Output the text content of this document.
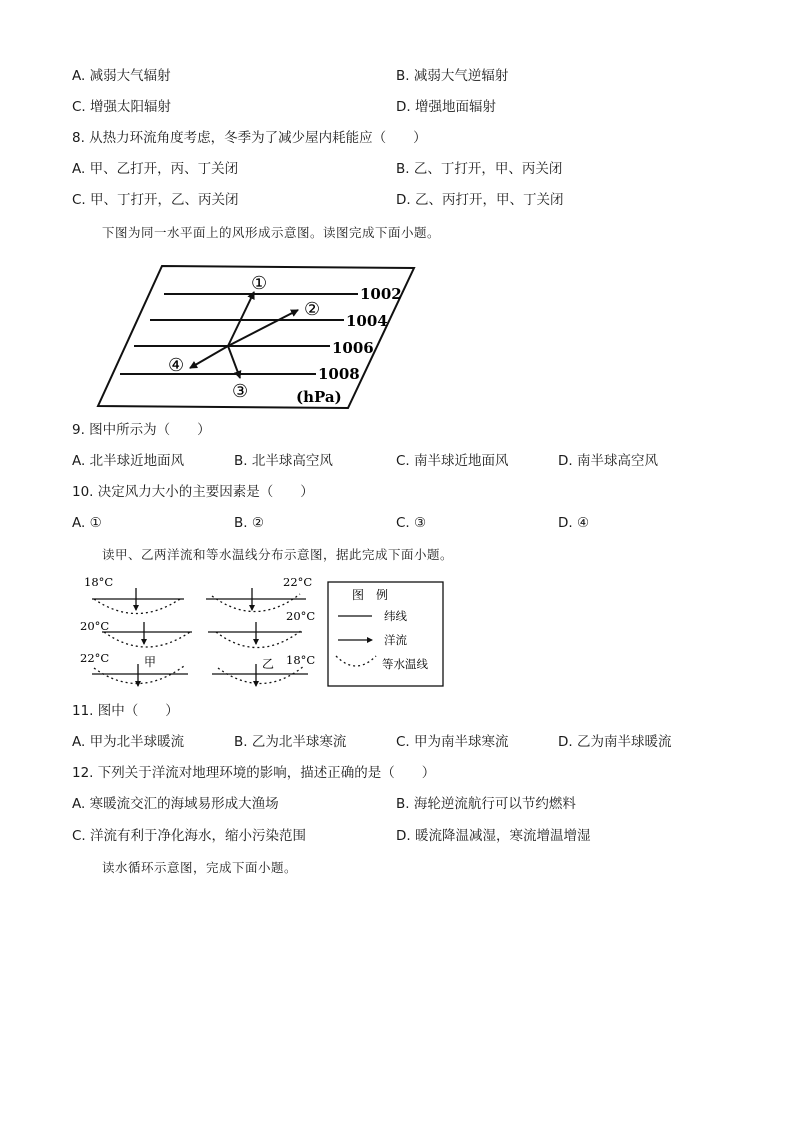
A. 减弱大气辐射	B. 减弱大气逆辐射
C. 增强太阳辐射	D. 增强地面辐射
8. 从热力环流角度考虑，冬季为了减少屋内耗能应（　　）
A. 甲、乙打开，丙、丁关闭	B. 乙、丁打开，甲、丙关闭
C. 甲、丁打开，乙、丙关闭	D. 乙、丙打开，甲、丁关闭
下图为同一水平面上的风形成示意图。读图完成下面小题。
1002
1004
1006
1008
(hPa)
①
②
③
④
9. 图中所示为（　　）
A. 北半球近地面风	B. 北半球高空风	C. 南半球近地面风	D. 南半球高空风
10. 决定风力大小的主要因素是（　　）
A. ①	B. ②	C. ③	D. ④
读甲、乙两洋流和等水温线分布示意图，据此完成下面小题。
18°C
20°C
22°C	甲
22°C
20°C
18°C
乙
图　例
纬线
洋流
等水温线
11. 图中（　　）
A. 甲为北半球暖流	B. 乙为北半球寒流	C. 甲为南半球寒流	D. 乙为南半球暖流
12. 下列关于洋流对地理环境的影响，描述正确的是（　　）
A. 寒暖流交汇的海域易形成大渔场	B. 海轮逆流航行可以节约燃料
C. 洋流有利于净化海水，缩小污染范围	D. 暖流降温减湿，寒流增温增湿
读水循环示意图，完成下面小题。
